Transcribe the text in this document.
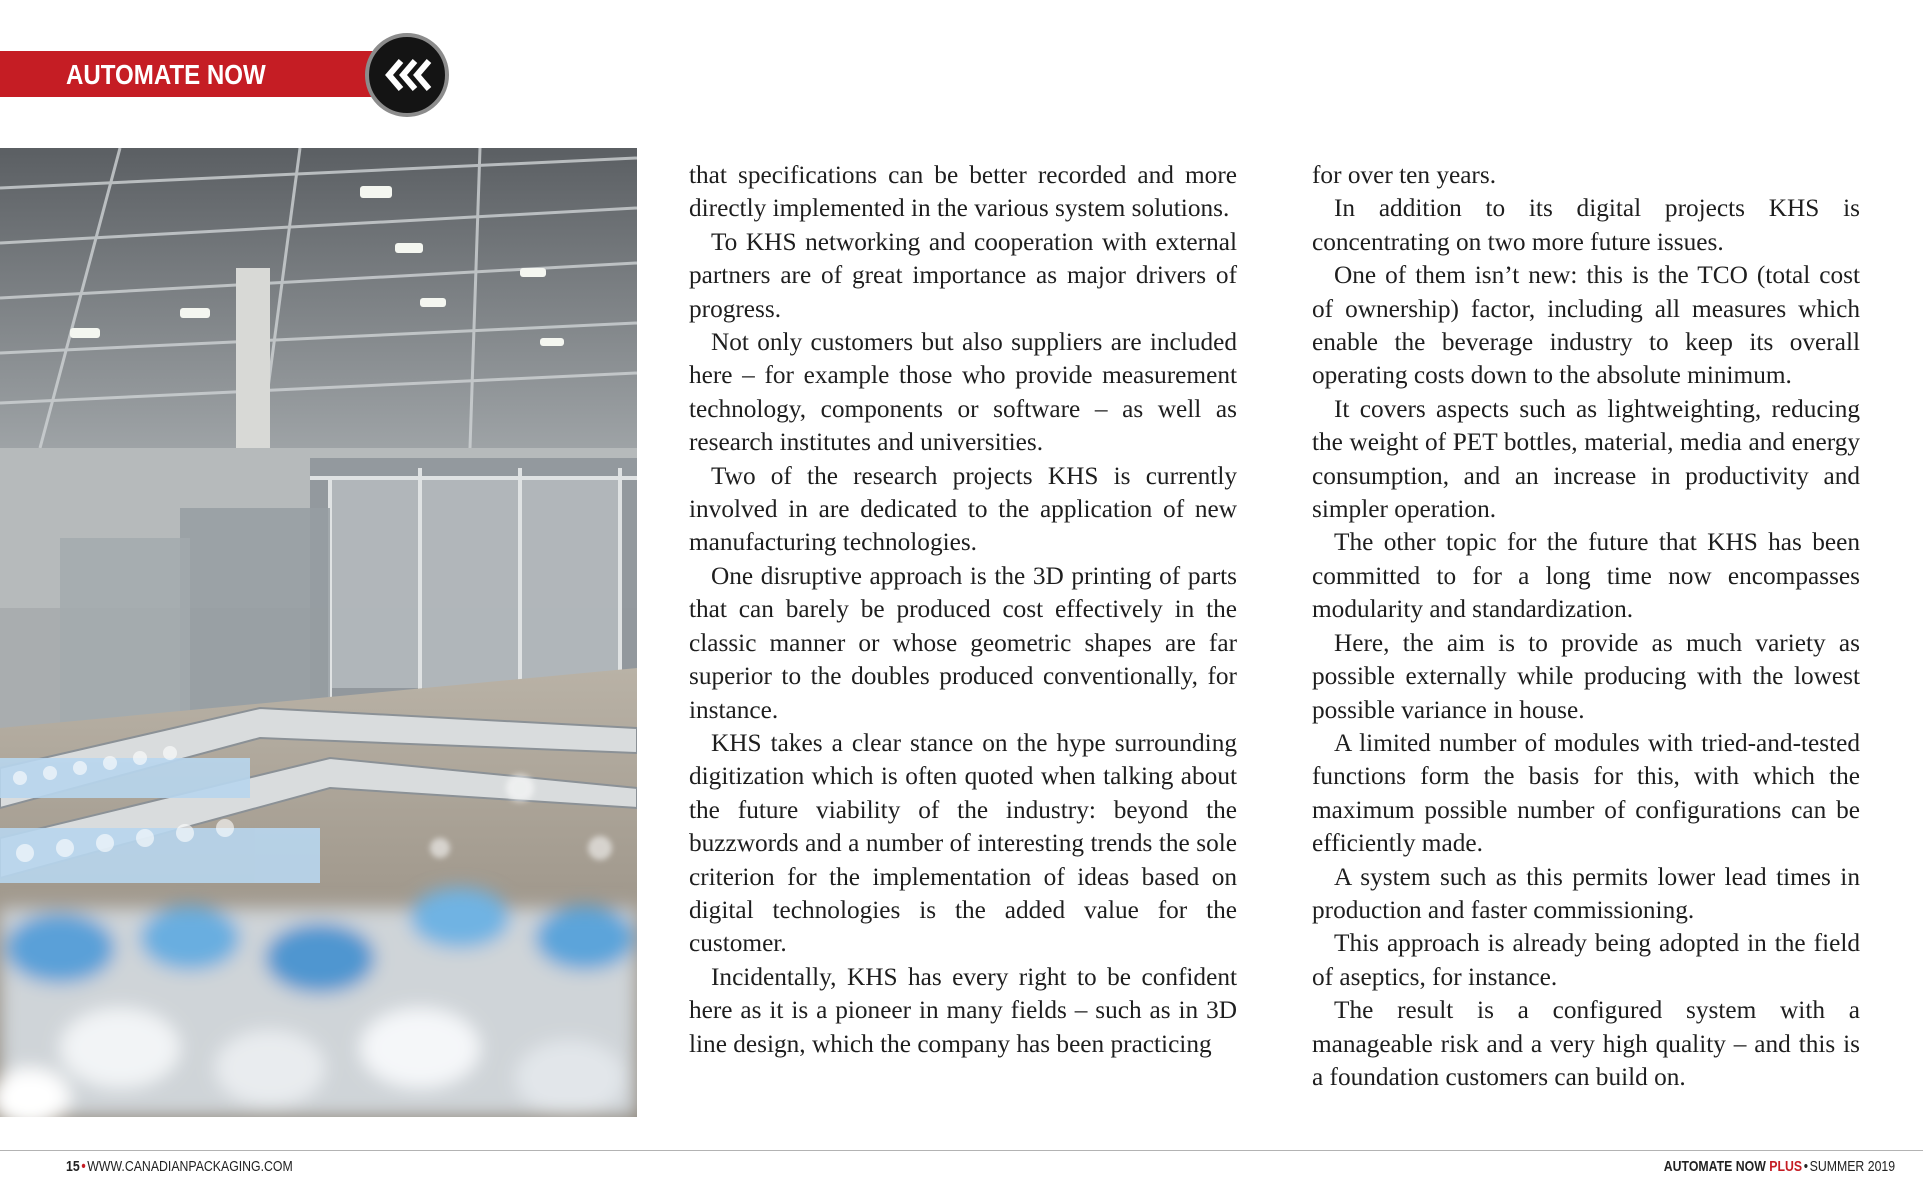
AUTOMATE NOW

that specifications can be better recorded and more directly implemented in the various system solutions.

To KHS networking and cooperation with external partners are of great importance as major drivers of progress.

Not only customers but also suppliers are included here – for example those who provide measurement technology, components or software – as well as research institutes and universities.

Two of the research projects KHS is currently involved in are dedicated to the application of new manufacturing technologies.

One disruptive approach is the 3D printing of parts that can barely be produced cost effectively in the classic manner or whose geometric shapes are far superior to the doubles produced conventionally, for instance.

KHS takes a clear stance on the hype surrounding digitization which is often quoted when talking about the future viability of the industry: beyond the buzzwords and a number of interesting trends the sole criterion for the implementation of ideas based on digital technologies is the added value for the customer.

Incidentally, KHS has every right to be confident here as it is a pioneer in many fields – such as in 3D line design, which the company has been practicing

for over ten years.

In addition to its digital projects KHS is concentrating on two more future issues.

One of them isn’t new: this is the TCO (total cost of ownership) factor, including all measures which enable the beverage industry to keep its overall operating costs down to the absolute minimum.

It covers aspects such as lightweighting, reducing the weight of PET bottles, material, media and energy consumption, and an increase in productivity and simpler operation.

The other topic for the future that KHS has been committed to for a long time now encompasses modularity and standardization.

Here, the aim is to provide as much variety as possible externally while producing with the lowest possible variance in house.

A limited number of modules with tried-and-tested functions form the basis for this, with which the maximum possible number of configurations can be efficiently made.

A system such as this permits lower lead times in production and faster commissioning.

This approach is already being adopted in the field of aseptics, for instance.

The result is a configured system with a manageable risk and a very high quality – and this is a foundation customers can build on.

15 • WWW.CANADIANPACKAGING.COM	AUTOMATE NOW PLUS • SUMMER 2019
